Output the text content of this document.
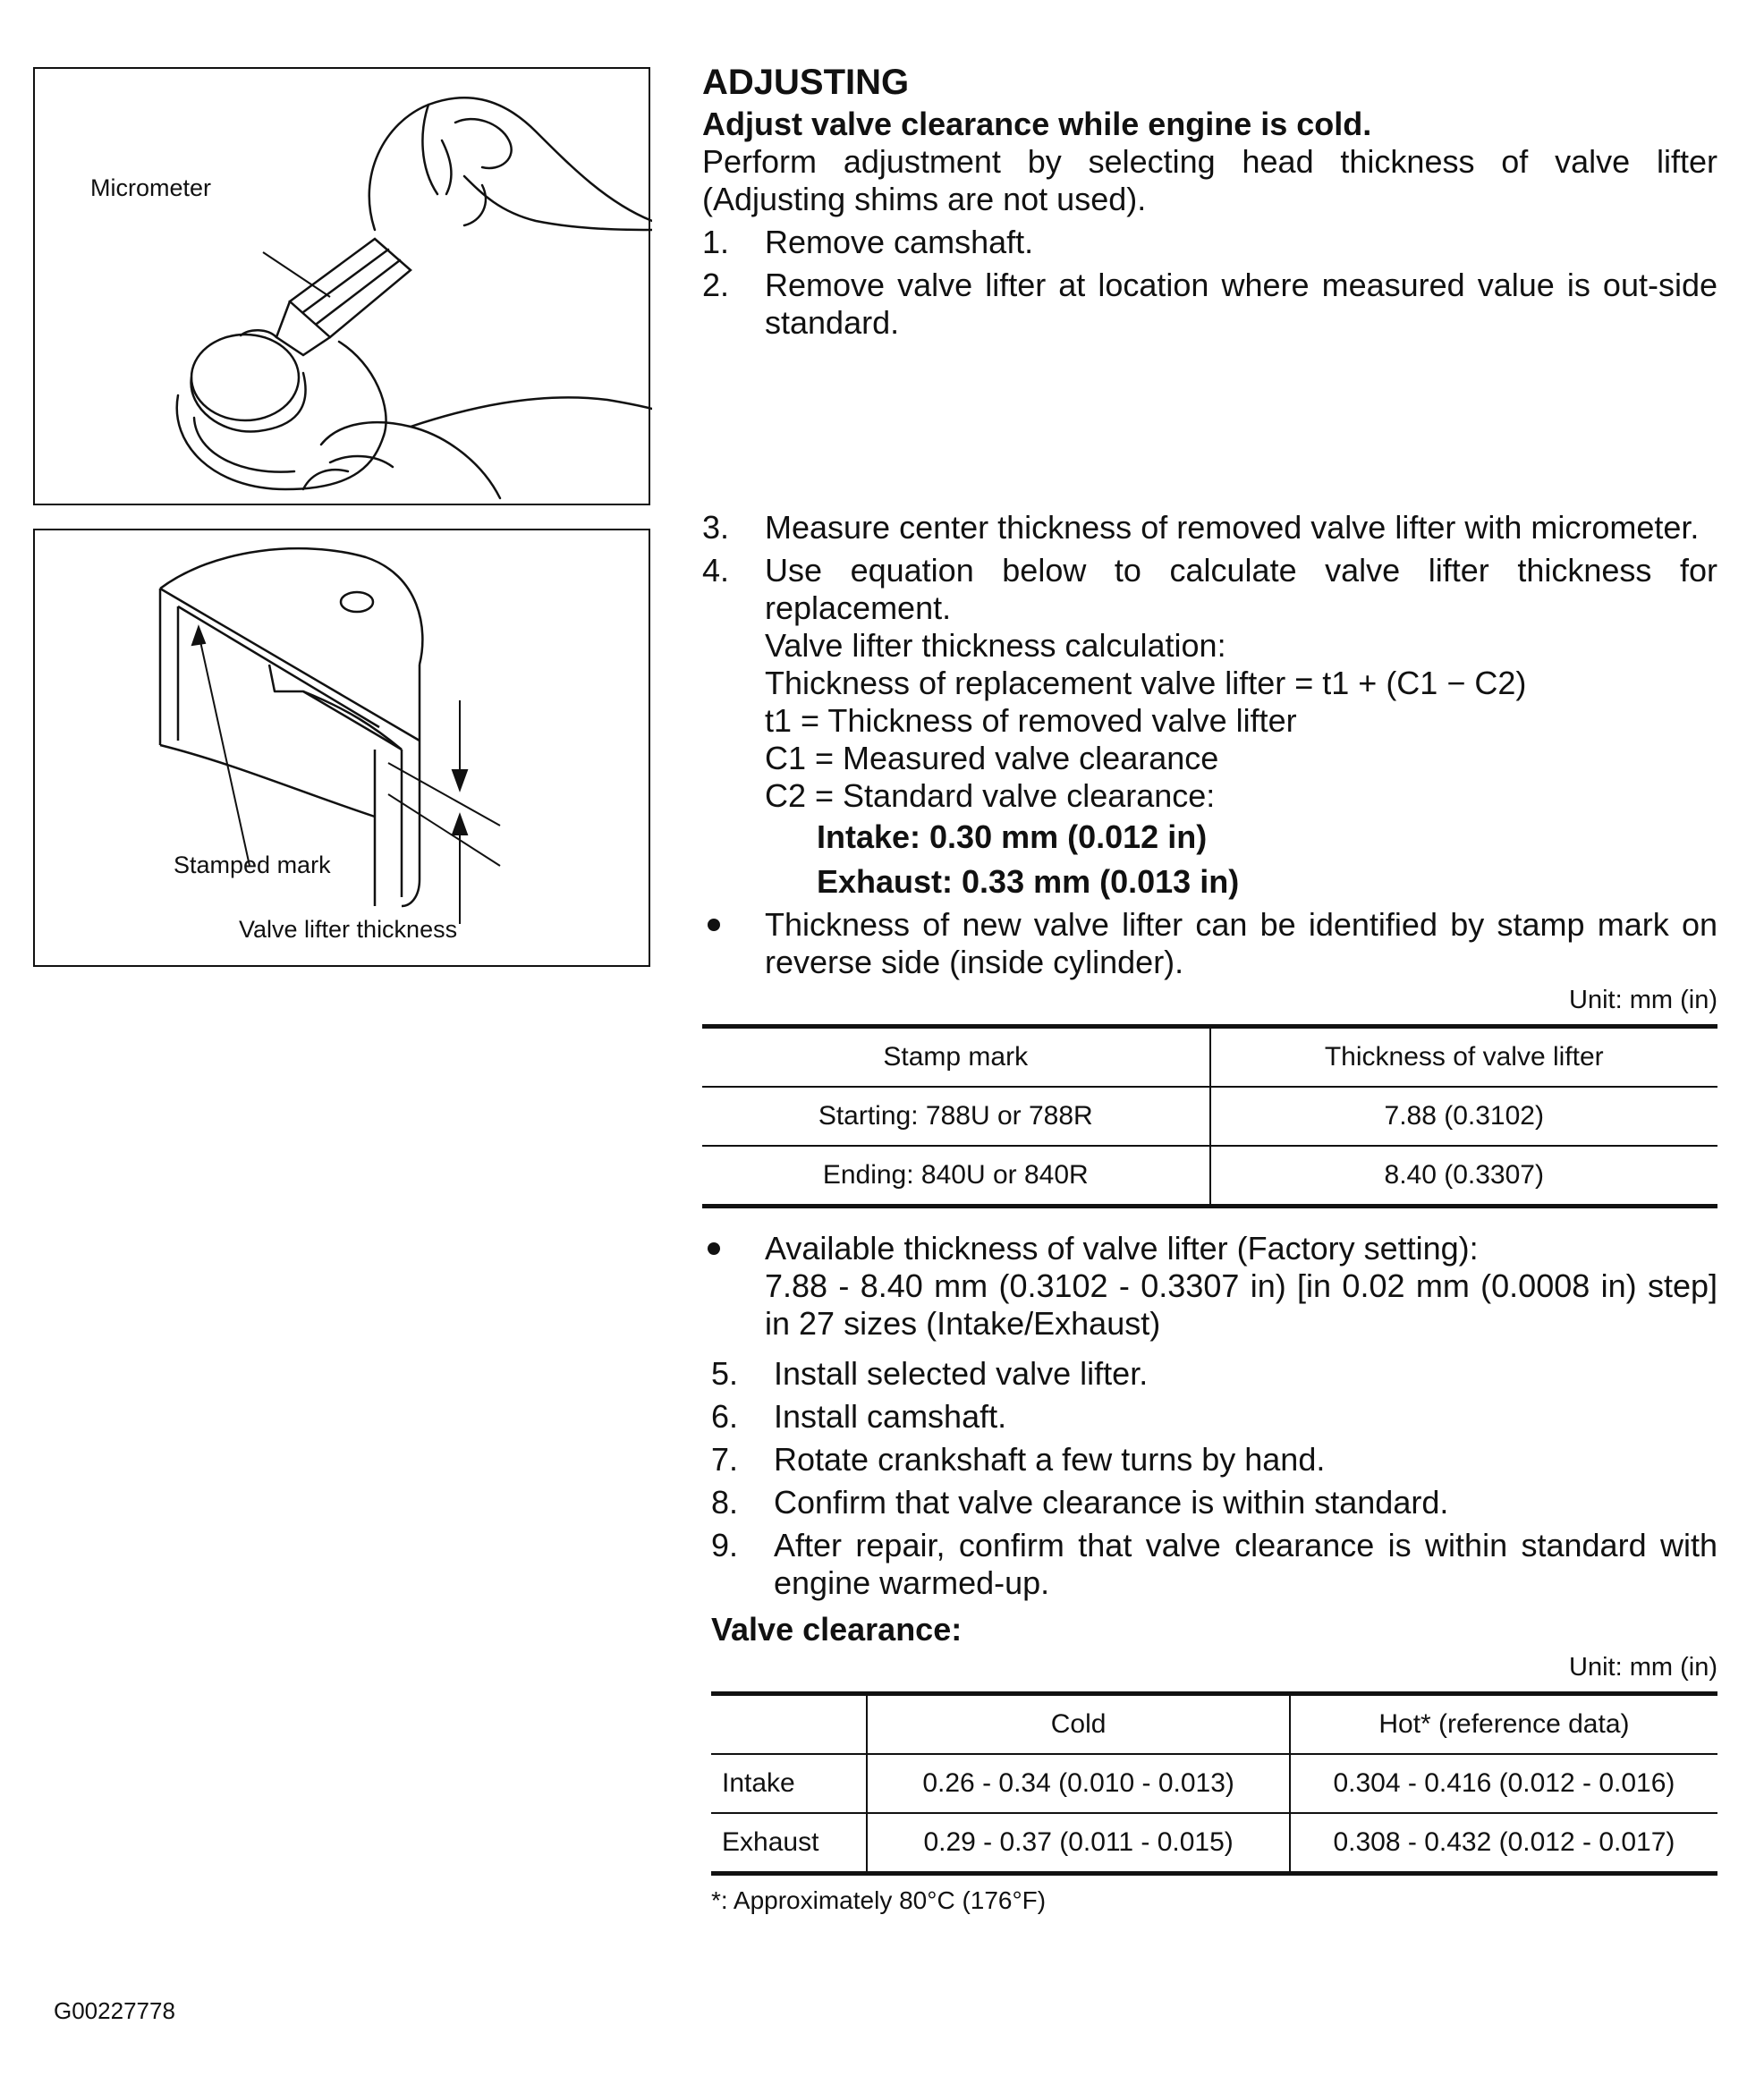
Micrometer
Stamped mark
Valve lifter thickness
ADJUSTING
Adjust valve clearance while engine is cold.
Perform adjustment by selecting head thickness of valve lifter (Adjusting shims are not used).
1. Remove camshaft.
2. Remove valve lifter at location where measured value is out-side standard.
3. Measure center thickness of removed valve lifter with micrometer.
4. Use equation below to calculate valve lifter thickness for replacement.
Valve lifter thickness calculation:
Thickness of replacement valve lifter = t1 + (C1 − C2)
t1 = Thickness of removed valve lifter
C1 = Measured valve clearance
C2 = Standard valve clearance:
Intake: 0.30 mm (0.012 in)
Exhaust: 0.33 mm (0.013 in)
Thickness of new valve lifter can be identified by stamp mark on reverse side (inside cylinder).
Unit: mm (in)
Stamp mark	Thickness of valve lifter
Starting: 788U or 788R	7.88 (0.3102)
Ending: 840U or 840R	8.40 (0.3307)
Available thickness of valve lifter (Factory setting):
7.88 - 8.40 mm (0.3102 - 0.3307 in) [in 0.02 mm (0.0008 in) step] in 27 sizes (Intake/Exhaust)
5. Install selected valve lifter.
6. Install camshaft.
7. Rotate crankshaft a few turns by hand.
8. Confirm that valve clearance is within standard.
9. After repair, confirm that valve clearance is within standard with engine warmed-up.
Valve clearance:
Unit: mm (in)
	Cold	Hot* (reference data)
Intake	0.26 - 0.34 (0.010 - 0.013)	0.304 - 0.416 (0.012 - 0.016)
Exhaust	0.29 - 0.37 (0.011 - 0.015)	0.308 - 0.432 (0.012 - 0.017)
*: Approximately 80°C (176°F)
G00227778
